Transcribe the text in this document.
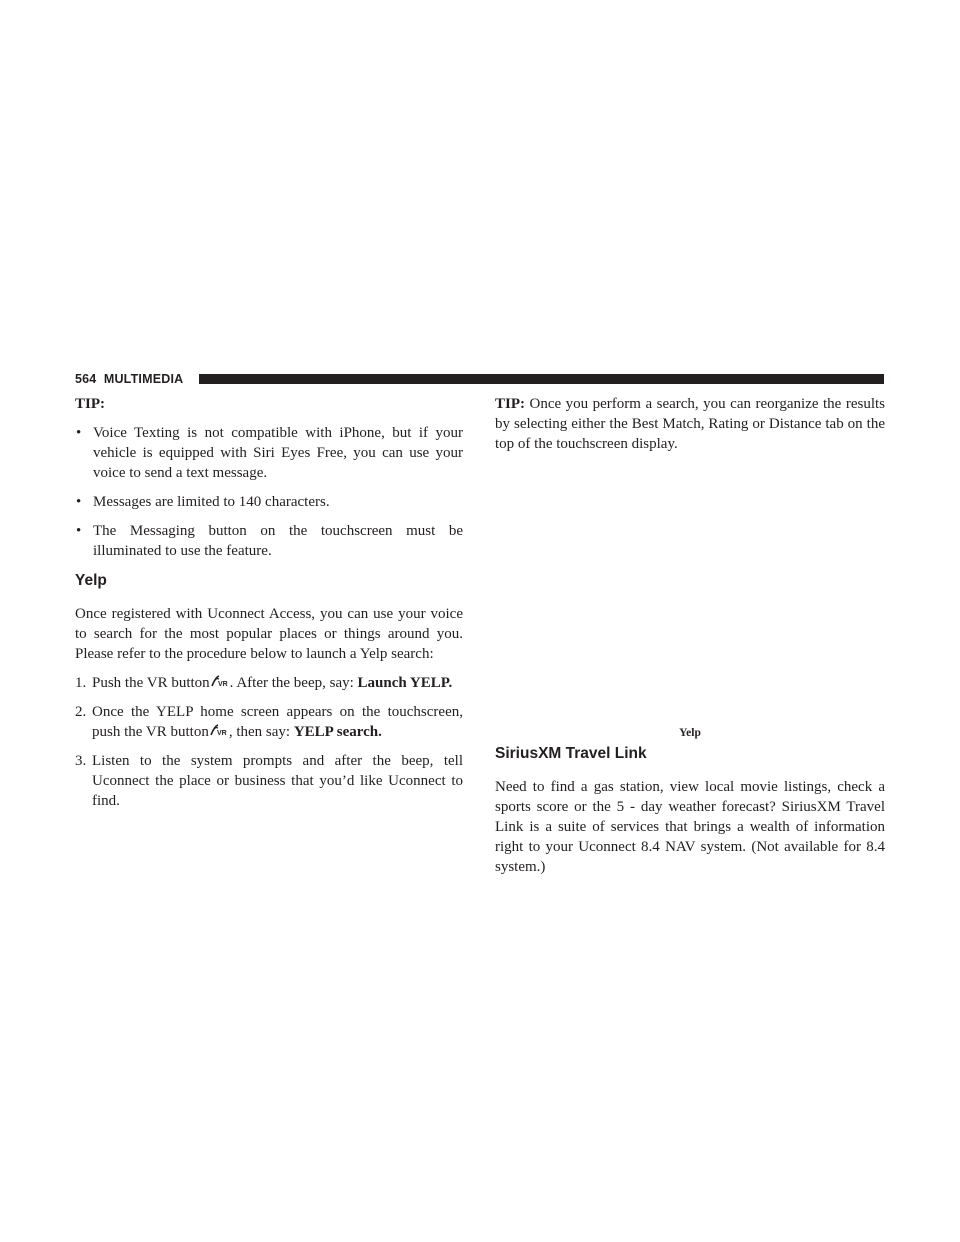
564 MULTIMEDIA

TIP:

• Voice Texting is not compatible with iPhone, but if your vehicle is equipped with Siri Eyes Free, you can use your voice to send a text message.
• Messages are limited to 140 characters.
• The Messaging button on the touchscreen must be illuminated to use the feature.
Yelp

Once registered with Uconnect Access, you can use your voice to search for the most popular places or things around you. Please refer to the procedure below to launch a Yelp search:

1. Push the VR button VR . After the beep, say: Launch YELP.
2. Once the YELP home screen appears on the touchscreen, push the VR button VR , then say: YELP search.
3. Listen to the system prompts and after the beep, tell Uconnect the place or business that you’d like Uconnect to find.

TIP: Once you perform a search, you can reorganize the results by selecting either the Best Match, Rating or Distance tab on the top of the touchscreen display.

Yelp
SiriusXM Travel Link

Need to find a gas station, view local movie listings, check a sports score or the 5 - day weather forecast? SiriusXM Travel Link is a suite of services that brings a wealth of information right to your Uconnect 8.4 NAV system. (Not available for 8.4 system.)
